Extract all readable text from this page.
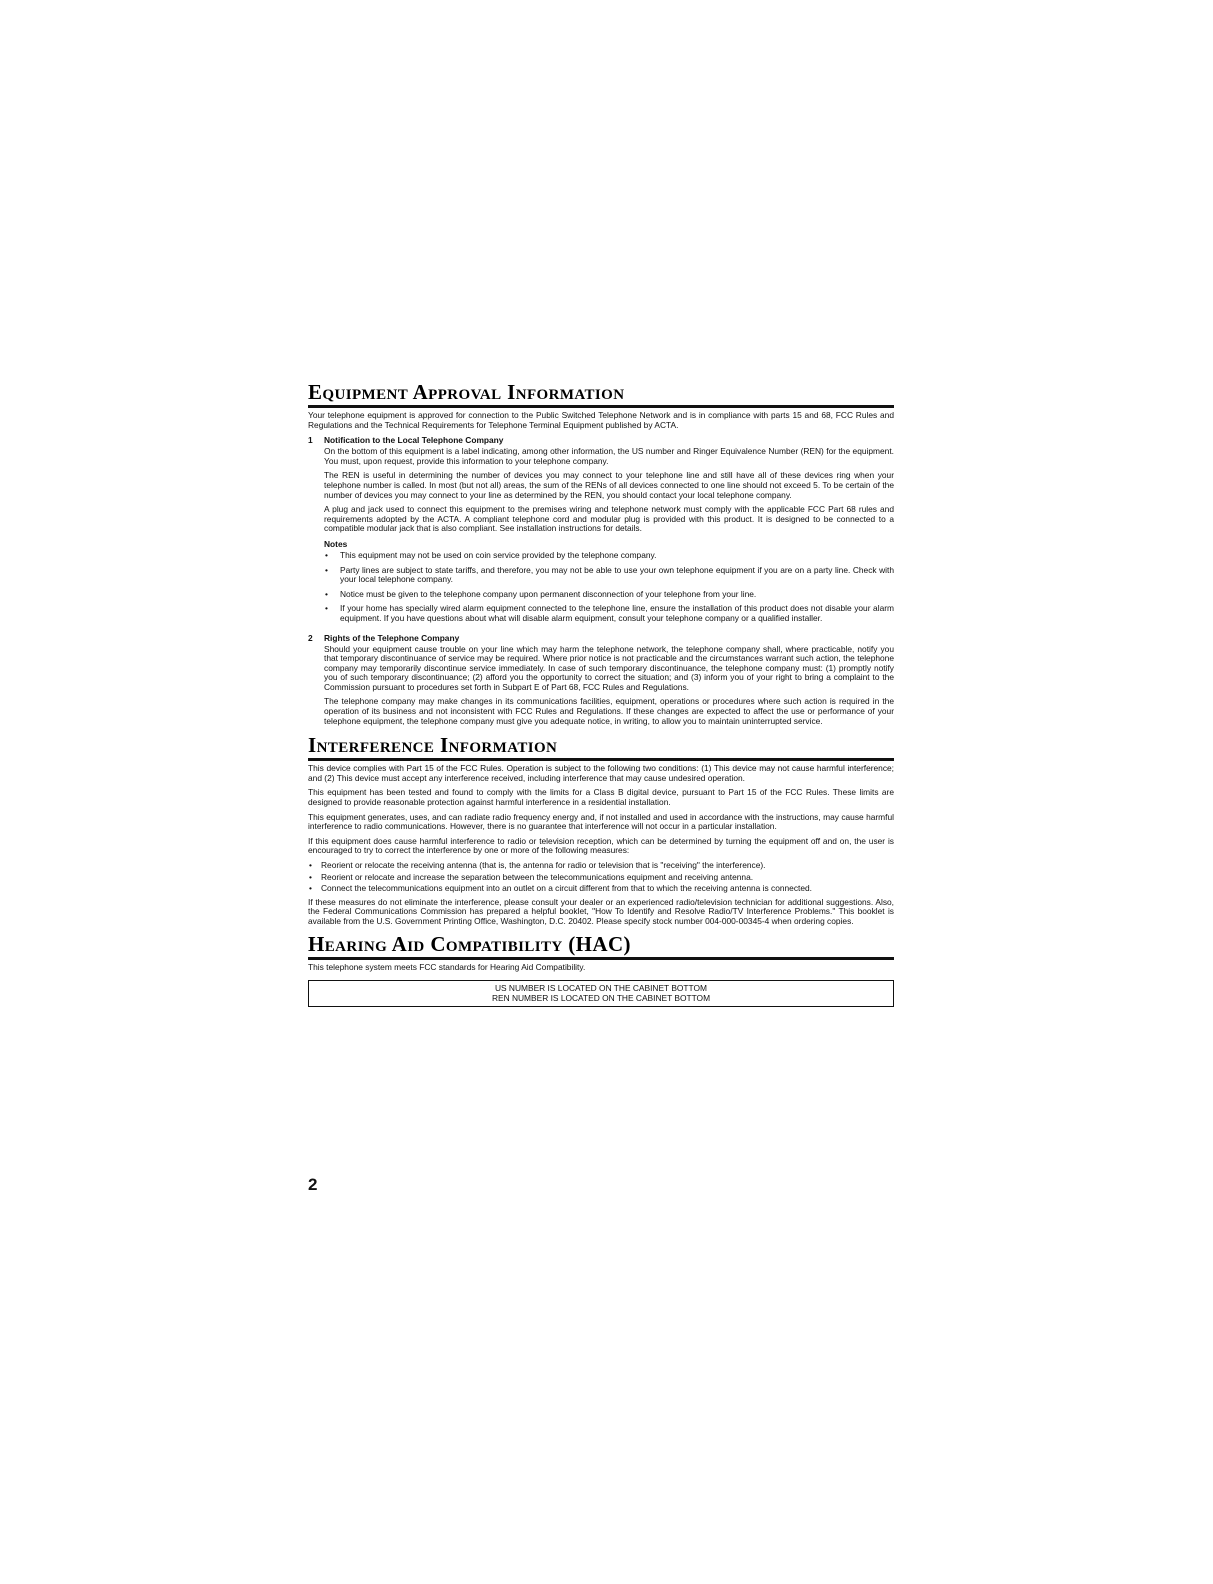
Equipment Approval Information

Your telephone equipment is approved for connection to the Public Switched Telephone Network and is in compliance with parts 15 and 68, FCC Rules and Regulations and the Technical Requirements for Telephone Terminal Equipment published by ACTA.

1	Notification to the Local Telephone Company

On the bottom of this equipment is a label indicating, among other information, the US number and Ringer Equivalence Number (REN) for the equipment. You must, upon request, provide this information to your telephone company.

The REN is useful in determining the number of devices you may connect to your telephone line and still have all of these devices ring when your telephone number is called. In most (but not all) areas, the sum of the RENs of all devices connected to one line should not exceed 5. To be certain of the number of devices you may connect to your line as determined by the REN, you should contact your local telephone company.

A plug and jack used to connect this equipment to the premises wiring and telephone network must comply with the applicable FCC Part 68 rules and requirements adopted by the ACTA. A compliant telephone cord and modular plug is provided with this product. It is designed to be connected to a compatible modular jack that is also compliant. See installation instructions for details.

Notes
• This equipment may not be used on coin service provided by the telephone company.
• Party lines are subject to state tariffs, and therefore, you may not be able to use your own telephone equipment if you are on a party line. Check with your local telephone company.
• Notice must be given to the telephone company upon permanent disconnection of your telephone from your line.
• If your home has specially wired alarm equipment connected to the telephone line, ensure the installation of this product does not disable your alarm equipment. If you have questions about what will disable alarm equipment, consult your telephone company or a qualified installer.
2	Rights of the Telephone Company

Should your equipment cause trouble on your line which may harm the telephone network, the telephone company shall, where practicable, notify you that temporary discontinuance of service may be required. Where prior notice is not practicable and the circumstances warrant such action, the telephone company may temporarily discontinue service immediately. In case of such temporary discontinuance, the telephone company must: (1) promptly notify you of such temporary discontinuance; (2) afford you the opportunity to correct the situation; and (3) inform you of your right to bring a complaint to the Commission pursuant to procedures set forth in Subpart E of Part 68, FCC Rules and Regulations.

The telephone company may make changes in its communications facilities, equipment, operations or procedures where such action is required in the operation of its business and not inconsistent with FCC Rules and Regulations. If these changes are expected to affect the use or performance of your telephone equipment, the telephone company must give you adequate notice, in writing, to allow you to maintain uninterrupted service.

Interference Information

This device complies with Part 15 of the FCC Rules. Operation is subject to the following two conditions: (1) This device may not cause harmful interference; and (2) This device must accept any interference received, including interference that may cause undesired operation.

This equipment has been tested and found to comply with the limits for a Class B digital device, pursuant to Part 15 of the FCC Rules. These limits are designed to provide reasonable protection against harmful interference in a residential installation.

This equipment generates, uses, and can radiate radio frequency energy and, if not installed and used in accordance with the instructions, may cause harmful interference to radio communications. However, there is no guarantee that interference will not occur in a particular installation.

If this equipment does cause harmful interference to radio or television reception, which can be determined by turning the equipment off and on, the user is encouraged to try to correct the interference by one or more of the following measures:

• Reorient or relocate the receiving antenna (that is, the antenna for radio or television that is "receiving" the interference).
• Reorient or relocate and increase the separation between the telecommunications equipment and receiving antenna.
• Connect the telecommunications equipment into an outlet on a circuit different from that to which the receiving antenna is connected.

If these measures do not eliminate the interference, please consult your dealer or an experienced radio/television technician for additional suggestions. Also, the Federal Communications Commission has prepared a helpful booklet, "How To Identify and Resolve Radio/TV Interference Problems." This booklet is available from the U.S. Government Printing Office, Washington, D.C. 20402. Please specify stock number 004-000-00345-4 when ordering copies.

Hearing Aid Compatibility (HAC)

This telephone system meets FCC standards for Hearing Aid Compatibility.

US NUMBER IS LOCATED ON THE CABINET BOTTOM
REN NUMBER IS LOCATED ON THE CABINET BOTTOM
2
